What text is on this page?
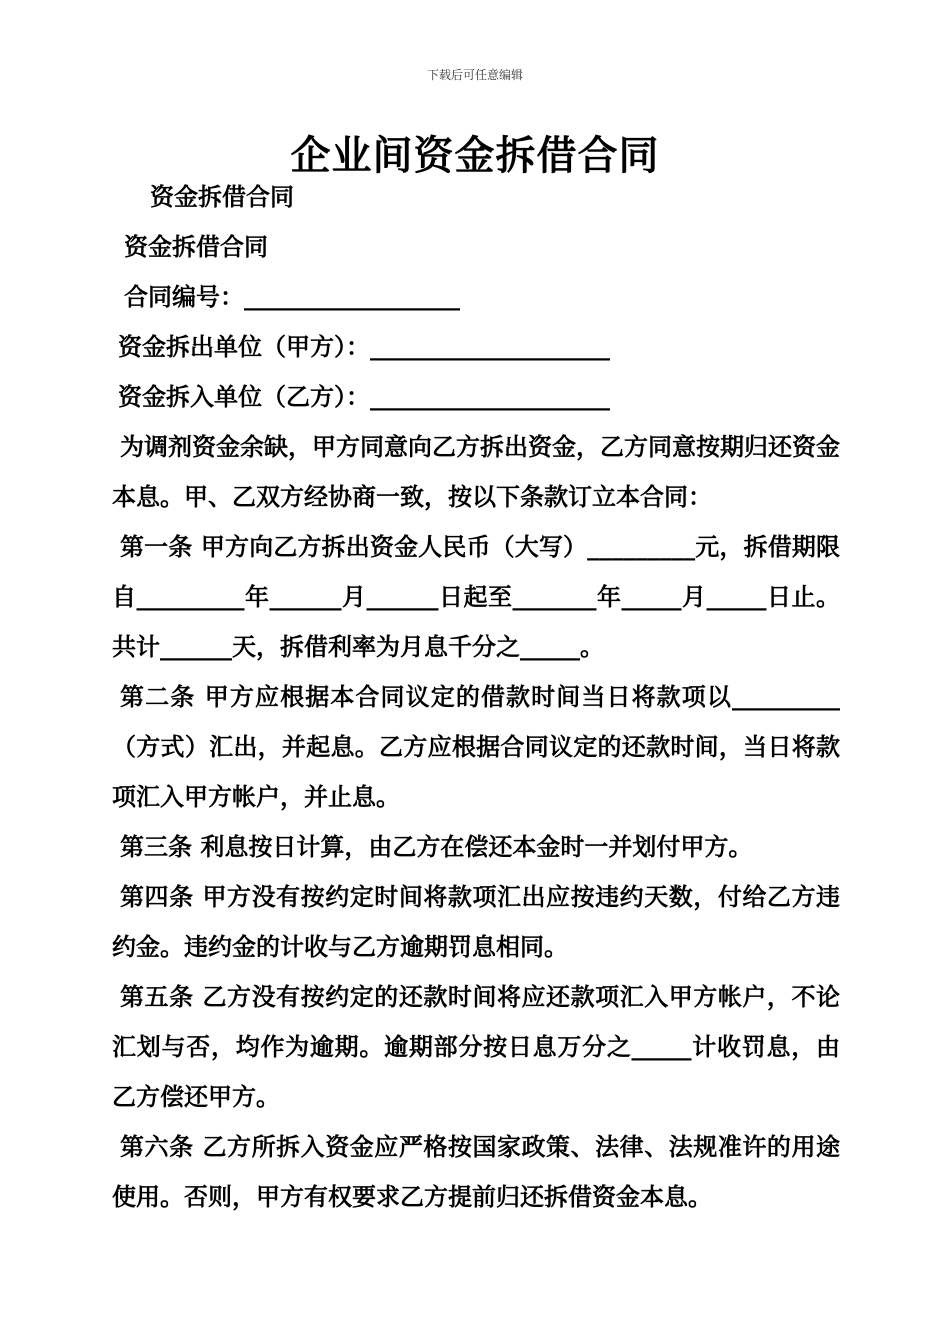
下载后可任意编辑
企业间资金拆借合同

资金拆借合同

资金拆借合同

合同编号：__________________

资金拆出单位（甲方）：____________________

资金拆入单位（乙方）：____________________

为调剂资金余缺，甲方同意向乙方拆出资金，乙方同意按期归还资金本息。甲、乙双方经协商一致，按以下条款订立本合同：

第一条 甲方向乙方拆出资金人民币（大写）_________元，拆借期限自_________年______月______日起至_______年_____月_____日止。共计______天，拆借利率为月息千分之_____。

第二条 甲方应根据本合同议定的借款时间当日将款项以_________（方式）汇出，并起息。乙方应根据合同议定的还款时间，当日将款项汇入甲方帐户，并止息。

第三条 利息按日计算，由乙方在偿还本金时一并划付甲方。

第四条 甲方没有按约定时间将款项汇出应按违约天数，付给乙方违约金。违约金的计收与乙方逾期罚息相同。

第五条 乙方没有按约定的还款时间将应还款项汇入甲方帐户，不论汇划与否，均作为逾期。逾期部分按日息万分之_____计收罚息，由乙方偿还甲方。

第六条 乙方所拆入资金应严格按国家政策、法律、法规准许的用途使用。否则，甲方有权要求乙方提前归还拆借资金本息。
